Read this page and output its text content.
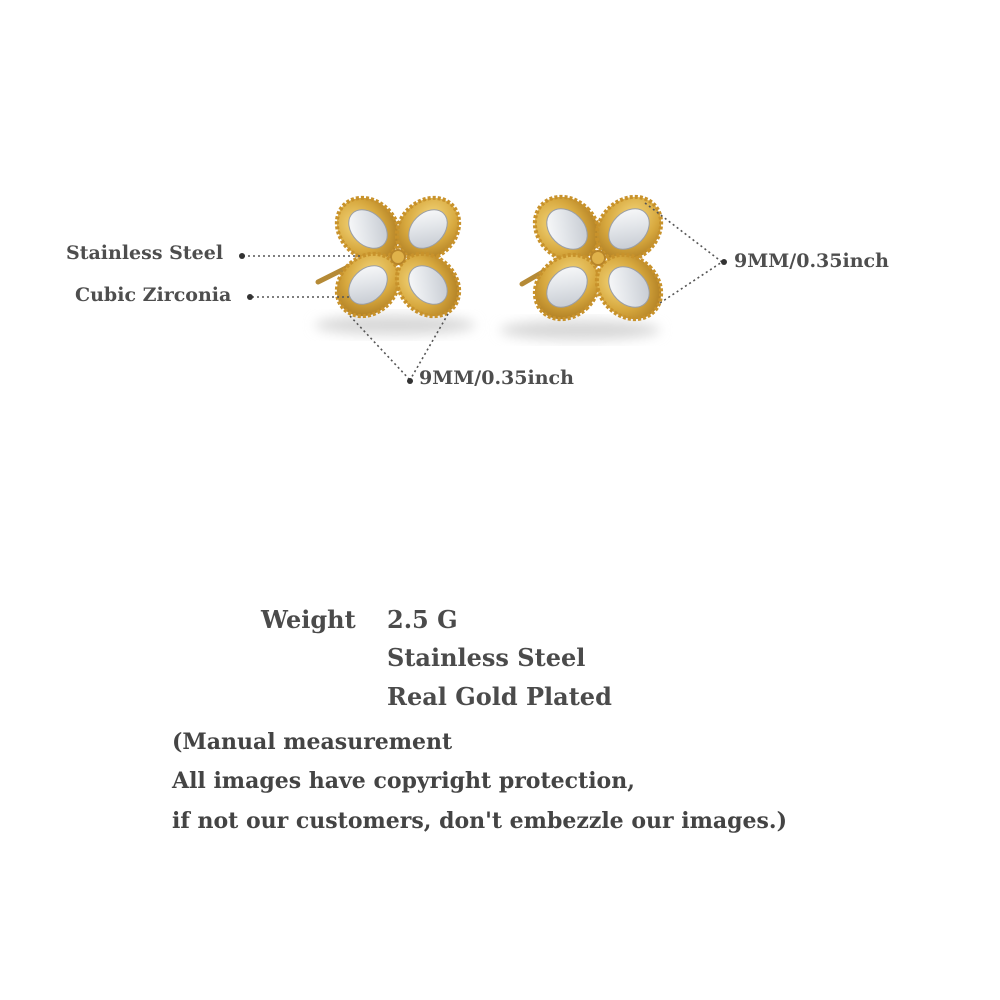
Stainless Steel
Cubic Zirconia
9MM/0.35inch
9MM/0.35inch
Weight 2.5 G
Stainless Steel
Real Gold Plated
(Manual measurement
All images have copyright protection,
if not our customers, don't embezzle our images.)
